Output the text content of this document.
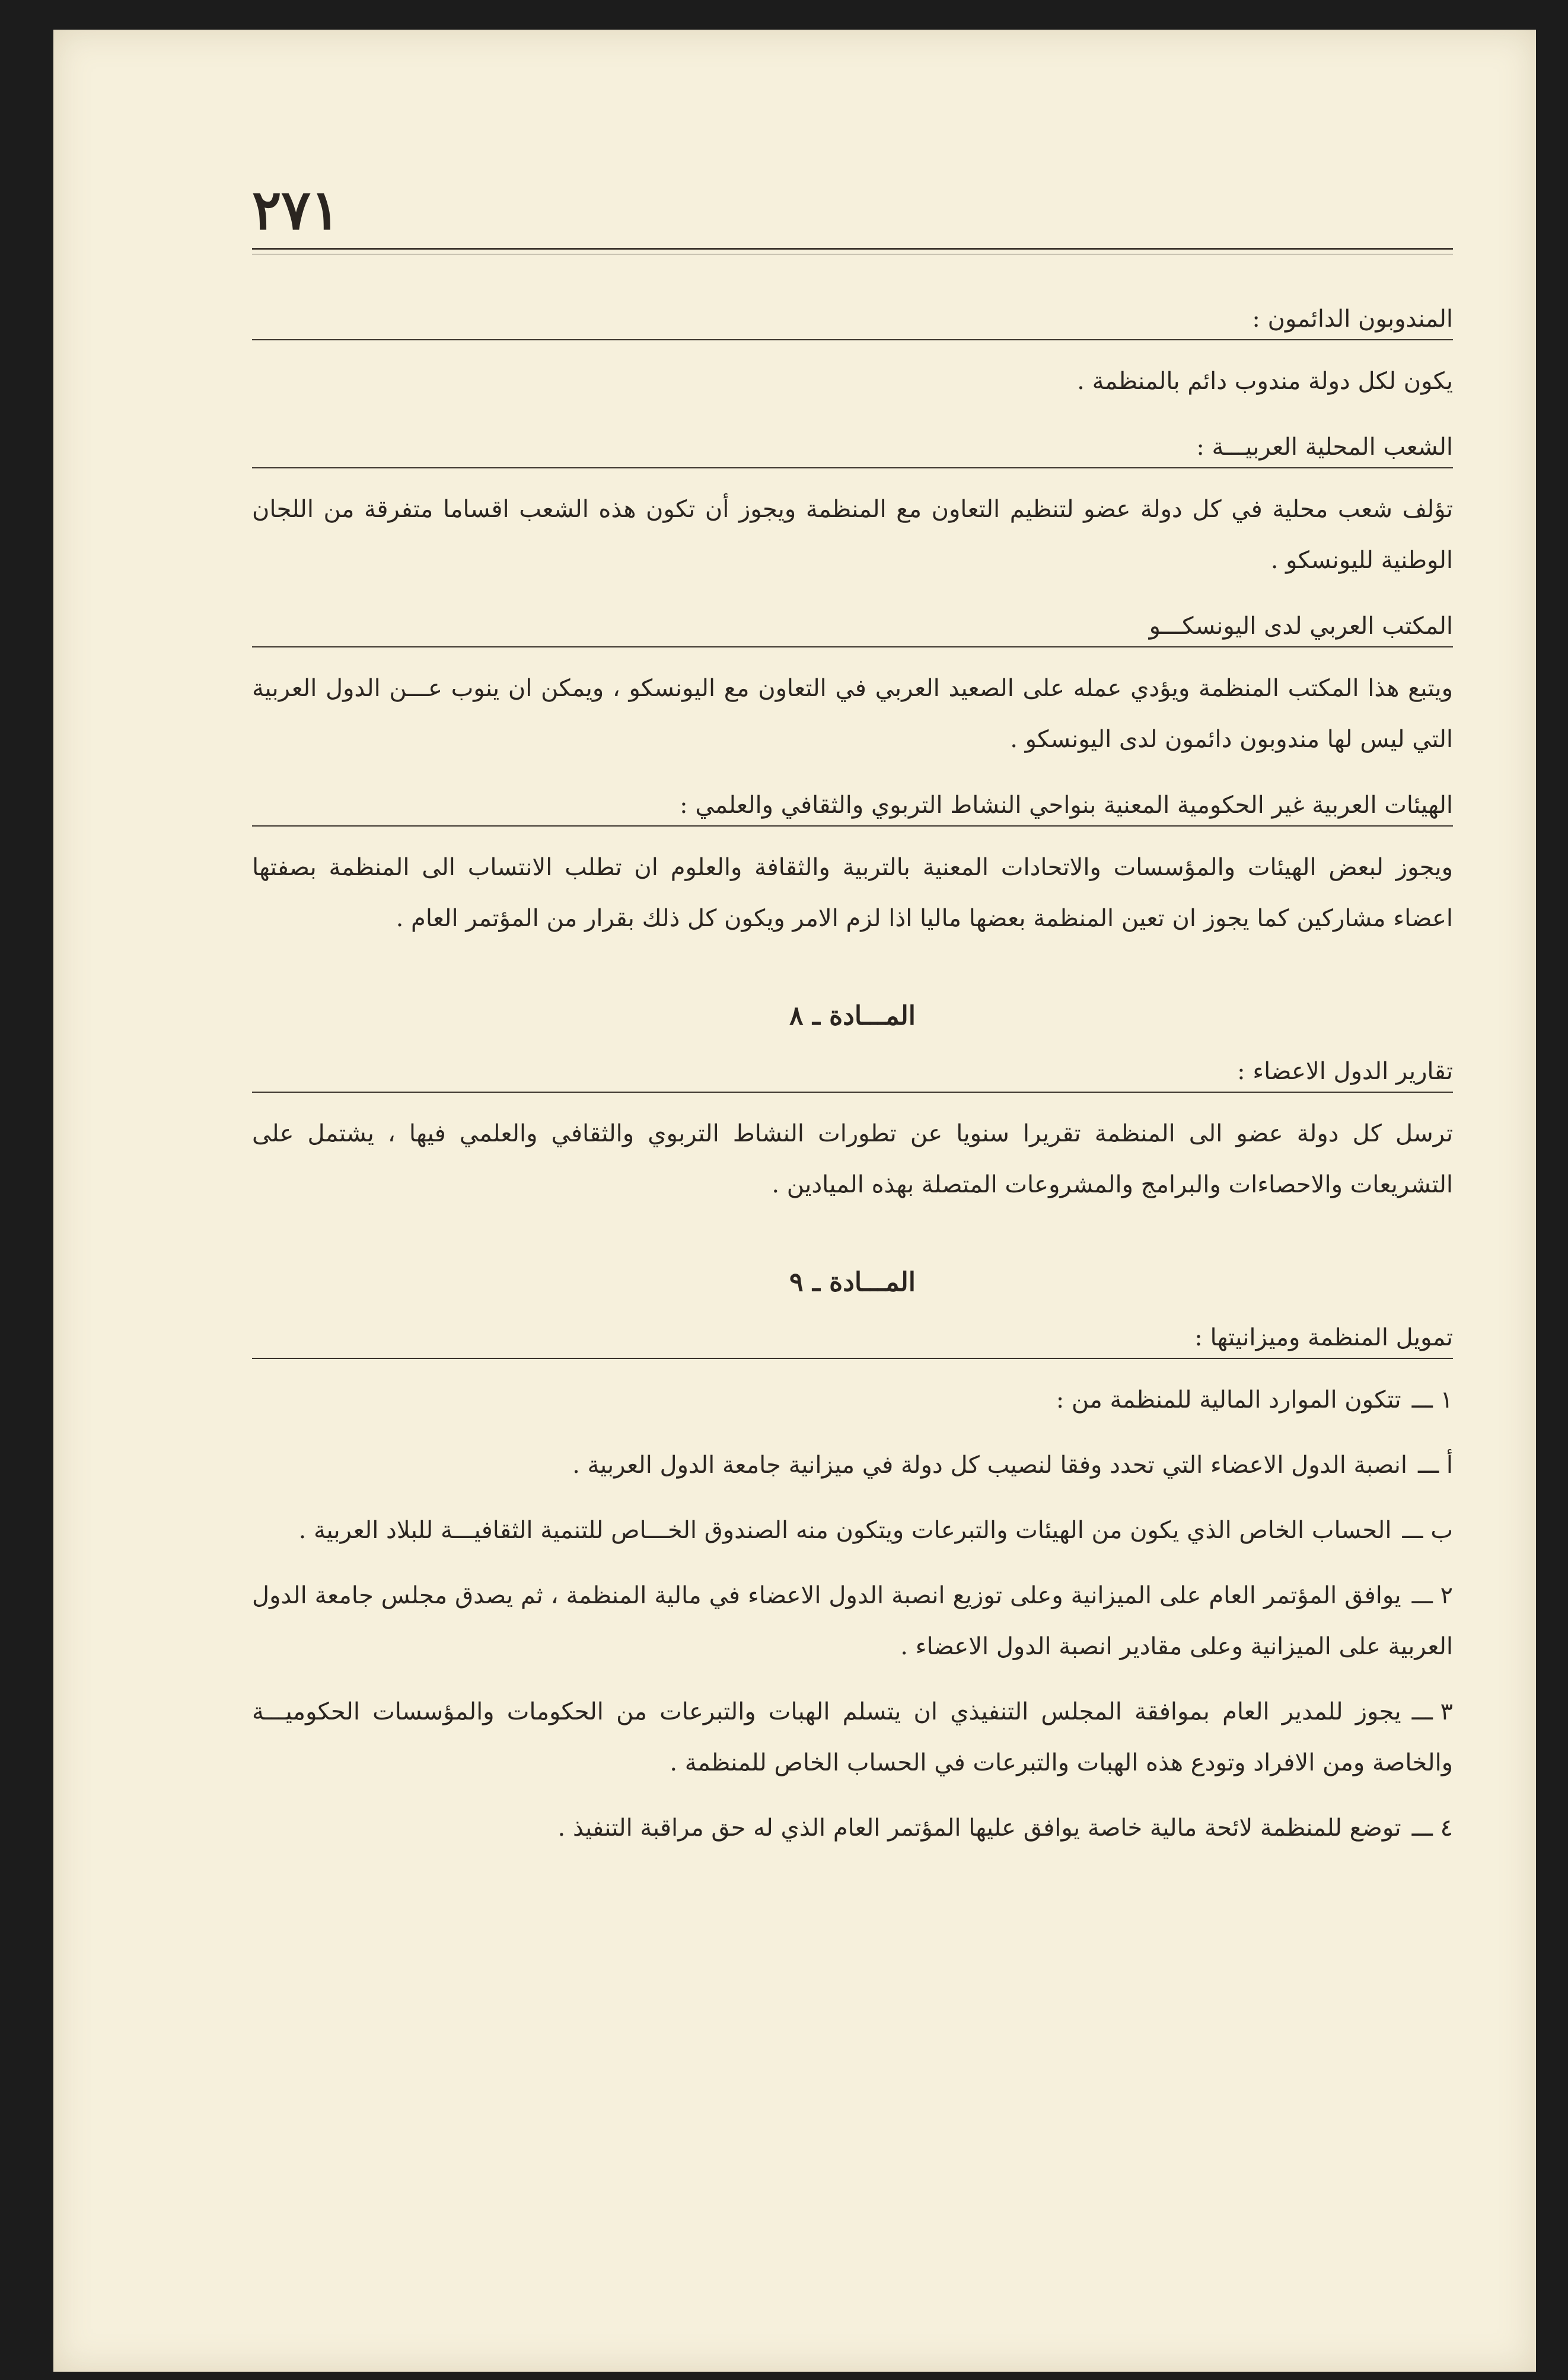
٢٧١
المندوبون الدائمون :

يكون لكل دولة مندوب دائم بالمنظمة .

الشعب المحلية العربيـــة :

تؤلف شعب محلية في كل دولة عضو لتنظيم التعاون مع المنظمة ويجوز أن تكون هذه الشعب اقساما متفرقة من اللجان الوطنية لليونسكو .

المكتب العربي لدى اليونسكـــو

ويتبع هذا المكتب المنظمة ويؤدي عمله على الصعيد العربي في التعاون مع اليونسكو ، ويمكن ان ينوب عـــن الدول العربية التي ليس لها مندوبون دائمون لدى اليونسكو .

الهيئات العربية غير الحكومية المعنية بنواحي النشاط التربوي والثقافي والعلمي :

ويجوز لبعض الهيئات والمؤسسات والاتحادات المعنية بالتربية والثقافة والعلوم ان تطلب الانتساب الى المنظمة بصفتها اعضاء مشاركين كما يجوز ان تعين المنظمة بعضها ماليا اذا لزم الامر ويكون كل ذلك بقرار من المؤتمر العام .

المـــادة ـ ٨
تقارير الدول الاعضاء :

ترسل كل دولة عضو الى المنظمة تقريرا سنويا عن تطورات النشاط التربوي والثقافي والعلمي فيها ، يشتمل على التشريعات والاحصاءات والبرامج والمشروعات المتصلة بهذه الميادين .

المـــادة ـ ٩
تمويل المنظمة وميزانيتها :

١ ـــتتكون الموارد المالية للمنظمة من :

أ ـــانصبة الدول الاعضاء التي تحدد وفقا لنصيب كل دولة في ميزانية جامعة الدول العربية .

ب ـــالحساب الخاص الذي يكون من الهيئات والتبرعات ويتكون منه الصندوق الخـــاص للتنمية الثقافيـــة للبلاد العربية .

٢ ـــيوافق المؤتمر العام على الميزانية وعلى توزيع انصبة الدول الاعضاء في مالية المنظمة ، ثم يصدق مجلس جامعة الدول العربية على الميزانية وعلى مقادير انصبة الدول الاعضاء .

٣ ـــيجوز للمدير العام بموافقة المجلس التنفيذي ان يتسلم الهبات والتبرعات من الحكومات والمؤسسات الحكوميـــة والخاصة ومن الافراد وتودع هذه الهبات والتبرعات في الحساب الخاص للمنظمة .

٤ ـــتوضع للمنظمة لائحة مالية خاصة يوافق عليها المؤتمر العام الذي له حق مراقبة التنفيذ .
